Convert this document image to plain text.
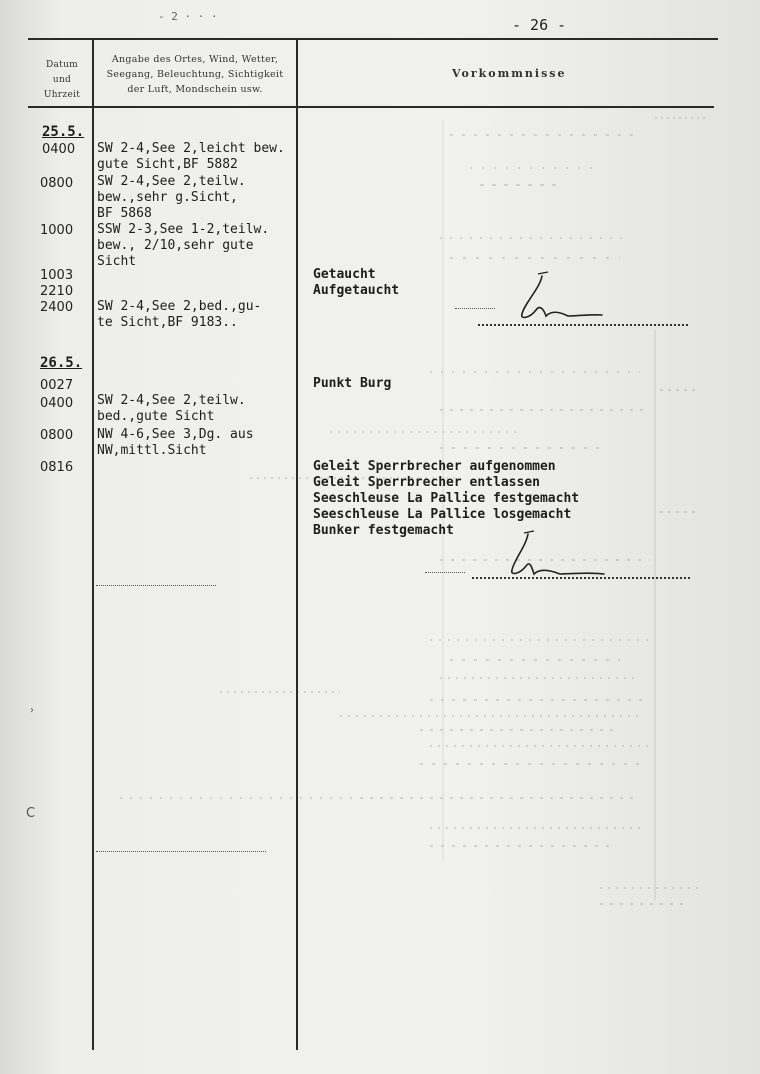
- 2 · · ·	- 26 -
Datum
und
Uhrzeit
Angabe des Ortes, Wind, Wetter,
Seegang, Beleuchtung, Sichtigkeit
der Luft, Mondschein usw.
Vorkommnisse
25.5.
0400 SW 2-4,See 2,leicht bew.
gute Sicht,BF 5882
0800 SW 2-4,See 2,teilw.
bew.,sehr g.Sicht,
BF 5868
1000 SSW 2-3,See 1-2,teilw.
bew., 2/10,sehr gute
Sicht
1003	Getaucht
2210	Aufgetaucht
2400 SW 2-4,See 2,bed.,gu-
te Sicht,BF 9183..
26.5.
0027	Punkt Burg
0400 SW 2-4,See 2,teilw.
bed.,gute Sicht
0800 NW 4-6,See 3,Dg. aus
NW,mittl.Sicht
0816	Geleit Sperrbrecher aufgenommen
Geleit Sperrbrecher entlassen
Seeschleuse La Pallice festgemacht
Seeschleuse La Pallice losgemacht
Bunker festgemacht
C
›
